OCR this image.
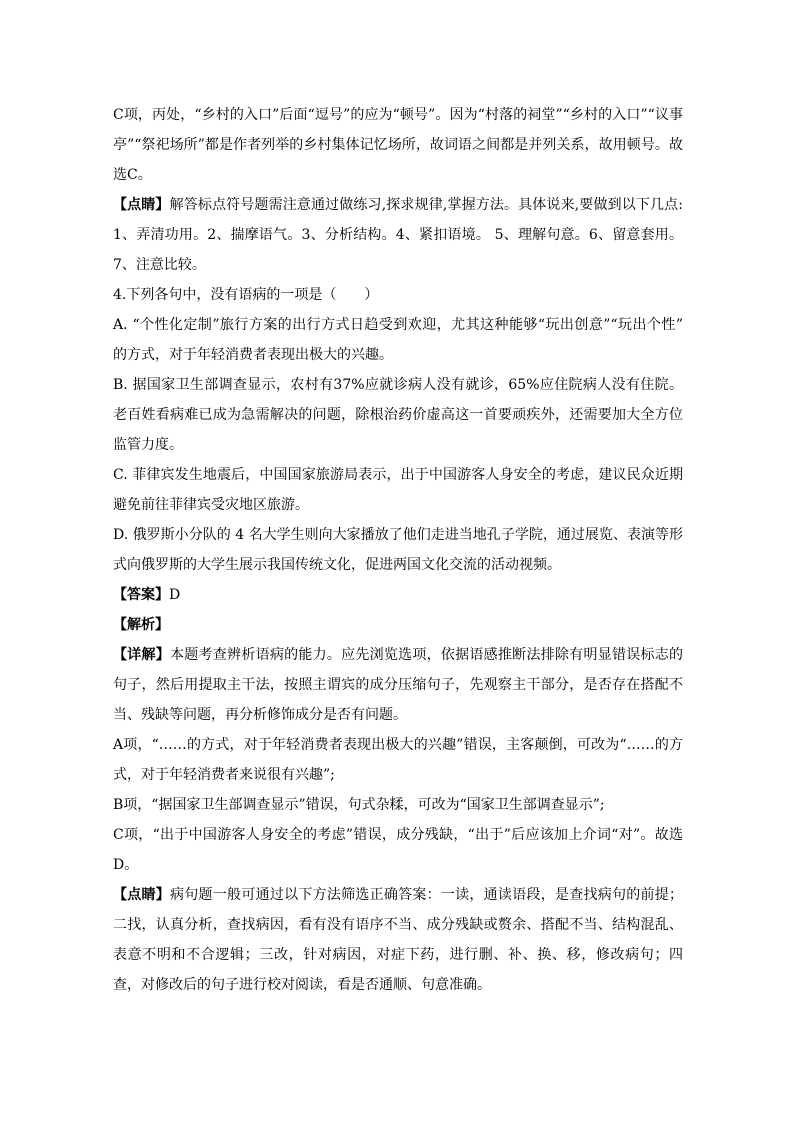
C项，丙处，“乡村的入口”后面“逗号”的应为“顿号”。因为“村落的祠堂”“乡村的入口”“议事亭”“祭祀场所”都是作者列举的乡村集体记忆场所，故词语之间都是并列关系，故用顿号。故选C。

【点睛】解答标点符号题需注意通过做练习,探求规律,掌握方法。具体说来,要做到以下几点: 1、弄清功用。2、揣摩语气。3、分析结构。4、紧扣语境。 5、理解句意。6、留意套用。7、注意比较。

4.下列各句中，没有语病的一项是（　　）

A. “个性化定制”旅行方案的出行方式日趋受到欢迎，尤其这种能够“玩出创意”“玩出个性” 的方式，对于年轻消费者表现出极大的兴趣。

B. 据国家卫生部调查显示，农村有37%应就诊病人没有就诊，65%应住院病人没有住院。老百姓看病难已成为急需解决的问题，除根治药价虚高这一首要顽疾外，还需要加大全方位监管力度。

C. 菲律宾发生地震后，中国国家旅游局表示，出于中国游客人身安全的考虑，建议民众近期避免前往菲律宾受灾地区旅游。

D. 俄罗斯小分队的 4 名大学生则向大家播放了他们走进当地孔子学院，通过展览、表演等形式向俄罗斯的大学生展示我国传统文化，促进两国文化交流的活动视频。

【答案】D

【解析】

【详解】本题考查辨析语病的能力。应先浏览选项，依据语感推断法排除有明显错误标志的句子，然后用提取主干法，按照主谓宾的成分压缩句子，先观察主干部分，是否存在搭配不当、残缺等问题，再分析修饰成分是否有问题。

A项，“……的方式，对于年轻消费者表现出极大的兴趣”错误，主客颠倒，可改为“……的方式，对于年轻消费者来说很有兴趣”;

B项，“据国家卫生部调查显示”错误，句式杂糅，可改为“国家卫生部调查显示”;

C项，“出于中国游客人身安全的考虑”错误，成分残缺，“出于”后应该加上介词“对”。故选D。

【点睛】病句题一般可通过以下方法筛选正确答案：一读，通读语段，是查找病句的前提；二找，认真分析，查找病因，看有没有语序不当、成分残缺或赘余、搭配不当、结构混乱、表意不明和不合逻辑；三改，针对病因，对症下药，进行删、补、换、移，修改病句；四查，对修改后的句子进行校对阅读，看是否通顺、句意准确。
